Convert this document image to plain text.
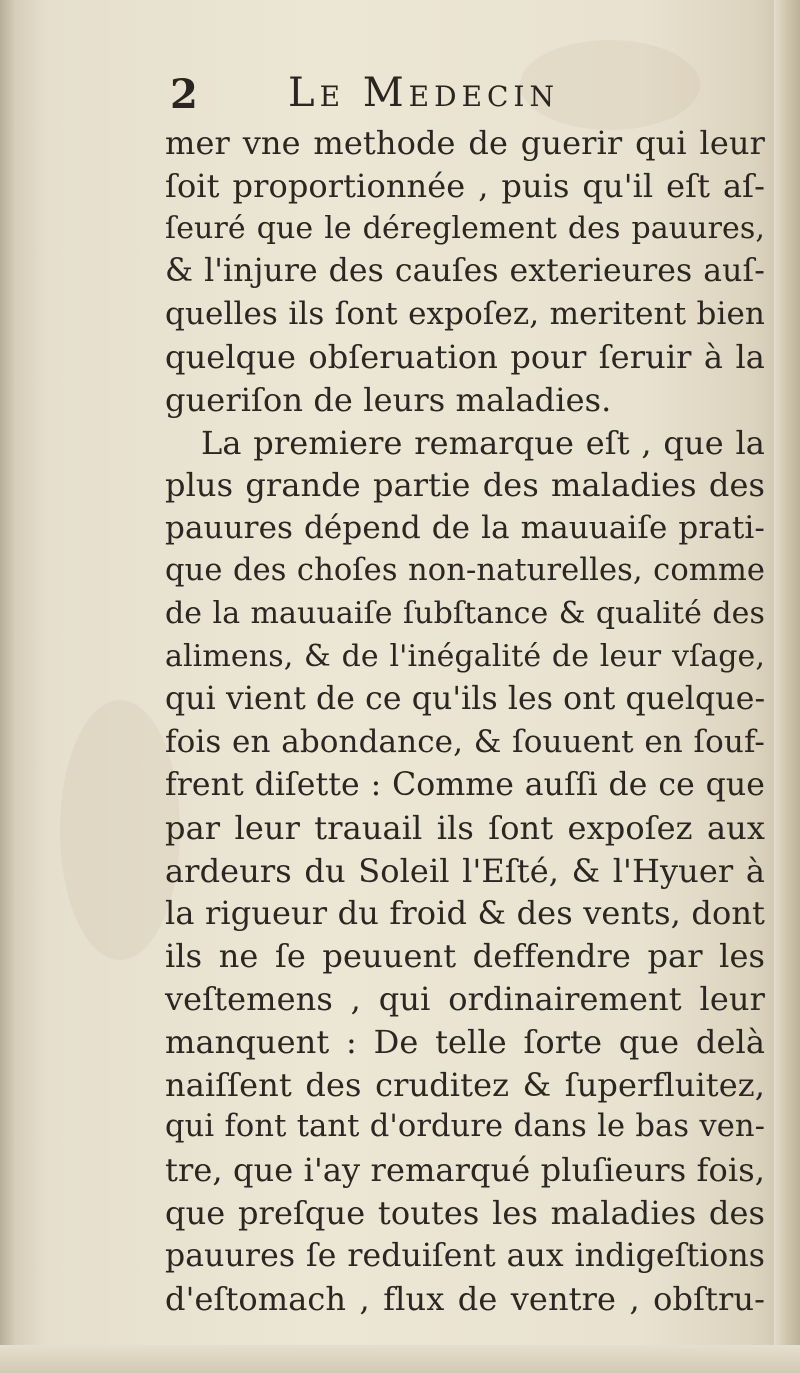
2 Le Medecin
mer vne methode de guerir qui leur
ſoit proportionnée , puis qu'il eſt aſ-
ſeuré que le déreglement des pauures,
& l'injure des cauſes exterieures auſ-
quelles ils ſont expoſez, meritent bien
quelque obſeruation pour ſeruir à la
gueriſon de leurs maladies.
La premiere remarque eſt , que la
plus grande partie des maladies des
pauures dépend de la mauuaiſe prati-
que des choſes non-naturelles, comme
de la mauuaiſe ſubſtance & qualité des
alimens, & de l'inégalité de leur vſage,
qui vient de ce qu'ils les ont quelque-
fois en abondance, & ſouuent en ſouf-
frent diſette : Comme auſſi de ce que
par leur trauail ils ſont expoſez aux
ardeurs du Soleil l'Eſté, & l'Hyuer à
la rigueur du froid & des vents, dont
ils ne ſe peuuent deffendre par les
veſtemens , qui ordinairement leur
manquent : De telle ſorte que delà
naiſſent des cruditez & ſuperfluitez,
qui font tant d'ordure dans le bas ven-
tre, que i'ay remarqué pluſieurs fois,
que preſque toutes les maladies des
pauures ſe reduiſent aux indigeſtions
d'eſtomach , flux de ventre , obſtru-
